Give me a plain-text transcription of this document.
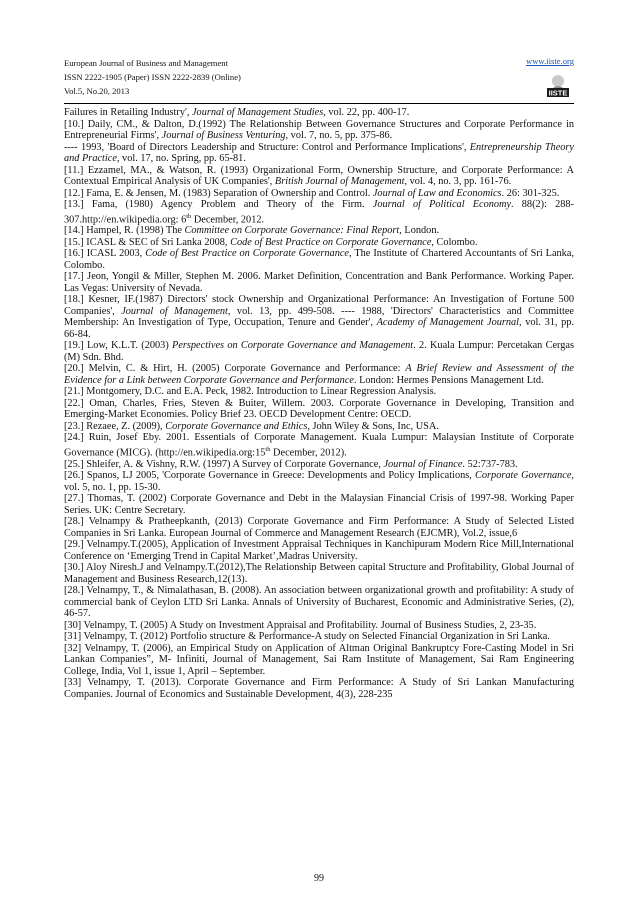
European Journal of Business and Management
ISSN 2222-1905 (Paper) ISSN 2222-2839 (Online)
Vol.5, No.20, 2013
www.iiste.org
IISTE

Failures in Retailing Industry', Journal of Management Studies, vol. 22, pp. 400-17.

[10.] Daily, CM., & Dalton, D.(1992) The Relationship Between Governance Structures and Corporate Performance in Entrepreneurial Firms', Journal of Business Venturing, vol. 7, no. 5, pp. 375-86.

---- 1993, 'Board of Directors Leadership and Structure: Control and Performance Implications', Entrepreneurship Theory and Practice, vol. 17, no. Spring, pp. 65-81.

[11.] Ezzamel, MA., & Watson, R. (1993) Organizational Form, Ownership Structure, and Corporate Performance: A Contextual Empirical Analysis of UK Companies', British Journal of Management, vol. 4, no. 3, pp. 161-76.

[12.] Fama, E. & Jensen, M. (1983) Separation of Ownership and Control. Journal of Law and Economics. 26: 301-325.

[13.] Fama, (1980) Agency Problem and Theory of the Firm. Journal of Political Economy. 88(2): 288-307.http://en.wikipedia.org: 6th December, 2012.

[14.] Hampel, R. (1998) The Committee on Corporate Governance: Final Report, London.

[15.] ICASL & SEC of Sri Lanka 2008, Code of Best Practice on Corporate Governance, Colombo.

[16.] ICASL 2003, Code of Best Practice on Corporate Governance, The Institute of Chartered Accountants of Sri Lanka, Colombo.

[17.] Jeon, Yongil & Miller, Stephen M. 2006. Market Definition, Concentration and Bank Performance. Working Paper. Las Vegas: University of Nevada.

[18.] Kesner, IF.(1987) Directors' stock Ownership and Organizational Performance: An Investigation of Fortune 500 Companies', Journal of Management, vol. 13, pp. 499-508. ---- 1988, 'Directors' Characteristics and Committee Membership: An Investigation of Type, Occupation, Tenure and Gender', Academy of Management Journal, vol. 31, pp. 66-84.

[19.] Low, K.L.T. (2003) Perspectives on Corporate Governance and Management. 2. Kuala Lumpur: Percetakan Cergas (M) Sdn. Bhd.

[20.] Melvin, C. & Hirt, H. (2005) Corporate Governance and Performance: A Brief Review and Assessment of the Evidence for a Link between Corporate Governance and Performance. London: Hermes Pensions Management Ltd.

[21.] Montgomery, D.C. and E.A. Peck, 1982. Introduction to Linear Regression Analysis.

[22.] Oman, Charles, Fries, Steven & Buiter, Willem. 2003. Corporate Governance in Developing, Transition and Emerging-Market Economies. Policy Brief 23. OECD Development Centre: OECD.

[23.] Rezaee, Z. (2009), Corporate Governance and Ethics, John Wiley & Sons, Inc, USA.

[24.] Ruin, Josef Eby. 2001. Essentials of Corporate Management. Kuala Lumpur: Malaysian Institute of Corporate Governance (MICG). (http://en.wikipedia.org:15th December, 2012).

[25.] Shleifer, A. & Vishny, R.W. (1997) A Survey of Corporate Governance, Journal of Finance. 52:737-783.

[26.] Spanos, LJ 2005, 'Corporate Governance in Greece: Developments and Policy Implications, Corporate Governance, vol. 5, no. 1, pp. 15-30.

[27.] Thomas, T. (2002) Corporate Governance and Debt in the Malaysian Financial Crisis of 1997-98. Working Paper Series. UK: Centre Secretary.

[28.] Velnampy & Pratheepkanth, (2013) Corporate Governance and Firm Performance: A Study of Selected Listed Companies in Sri Lanka. European Journal of Commerce and Management Research (EJCMR), Vol.2, issue,6

[29.] Velnampy.T.(2005), Application of Investment Appraisal Techniques in Kanchipuram Modern Rice Mill,International Conference on ‘Emerging Trend in Capital Market’,Madras University.

[30.] Aloy Niresh.J and Velnampy.T.(2012),The Relationship Between capital Structure and Profitability, Global Journal of Management and Business Research,12(13).

[28.] Velnampy, T., & Nimalathasan, B. (2008). An association between organizational growth and profitability: A study of commercial bank of Ceylon LTD Sri Lanka. Annals of University of Bucharest, Economic and Administrative Series, (2), 46-57.

[30] Velnampy, T. (2005) A Study on Investment Appraisal and Profitability. Journal of Business Studies, 2, 23-35.

[31] Velnampy, T. (2012) Portfolio structure & Performance-A study on Selected Financial Organization in Sri Lanka.

[32] Velnampy, T. (2006), an Empirical Study on Application of Altman Original Bankruptcy Fore-Casting Model in Sri Lankan Companies”, M- Infiniti, Journal of Management, Sai Ram Institute of Management, Sai Ram Engineering College, India, Vol 1, issue 1, April – September.

[33] Velnampy, T. (2013). Corporate Governance and Firm Performance: A Study of Sri Lankan Manufacturing Companies. Journal of Economics and Sustainable Development, 4(3), 228-235

99
